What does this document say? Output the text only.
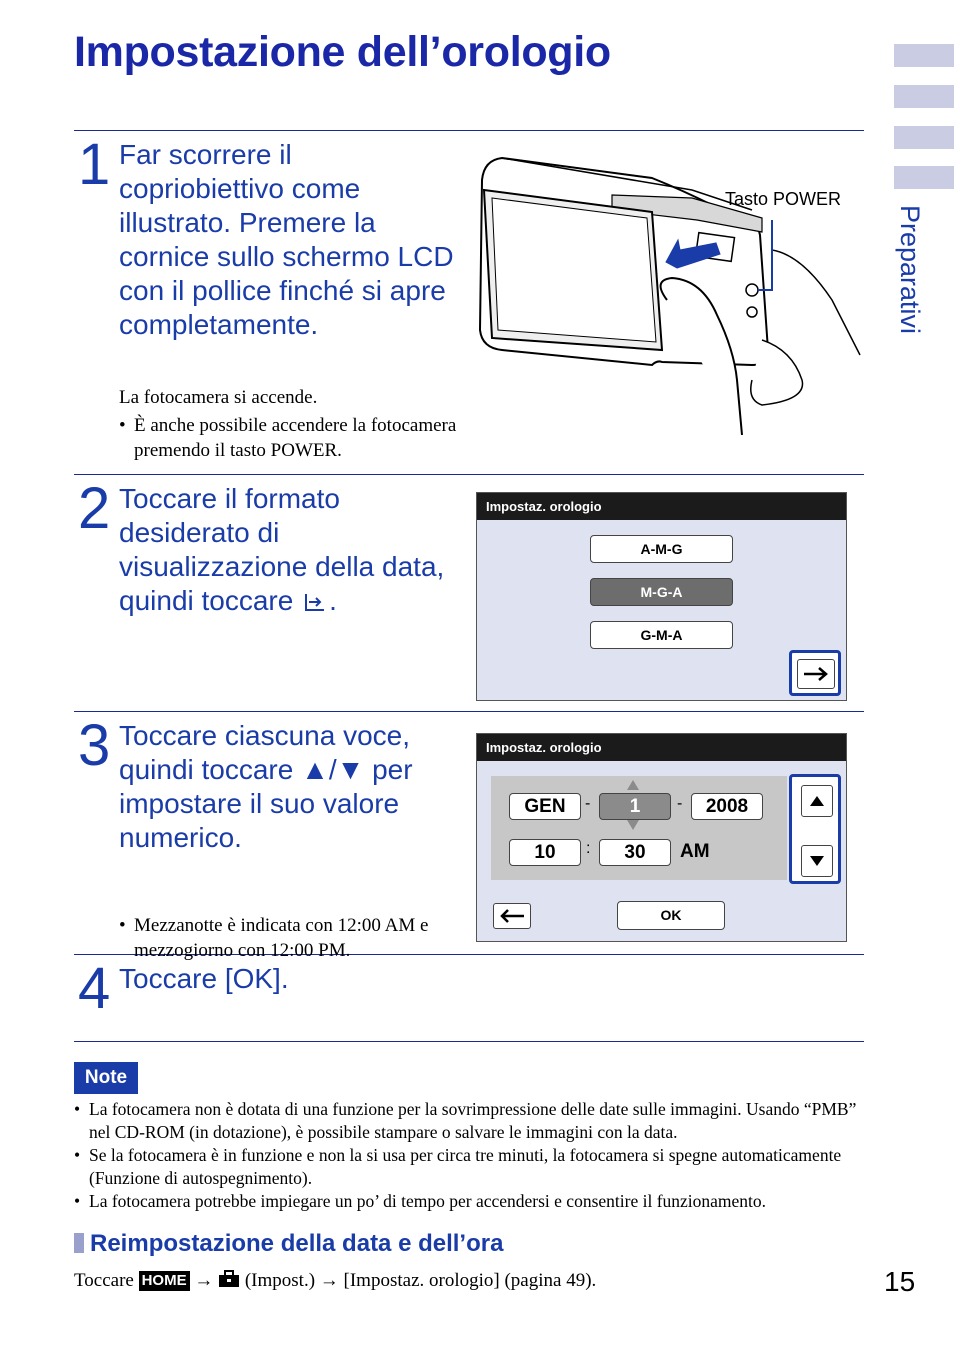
Impostazione dell’orologio
Preparativi
1 Far scorrere il copriobiettivo come illustrato. Premere la cornice sullo schermo LCD con il pollice finché si apre completamente.
La fotocamera si accende.
• È anche possibile accendere la fotocamera premendo il tasto POWER.
Tasto POWER
2 Toccare il formato desiderato di visualizzazione della data, quindi toccare .
Impostaz. orologio
A-M-G
M-G-A
G-M-A
3 Toccare ciascuna voce, quindi toccare ▲/▼ per impostare il suo valore numerico.
• Mezzanotte è indicata con 12:00 AM e mezzogiorno con 12:00 PM.
Impostaz. orologio
GEN	-	1	-	2008
10	:	30	AM
OK
4 Toccare [OK].
Note
• La fotocamera non è dotata di una funzione per la sovrimpressione delle date sulle immagini. Usando “PMB” nel CD-ROM (in dotazione), è possibile stampare o salvare le immagini con la data.
• Se la fotocamera è in funzione e non la si usa per circa tre minuti, la fotocamera si spegne automaticamente (Funzione di autospegnimento).
• La fotocamera potrebbe impiegare un po’ di tempo per accendersi e consentire il funzionamento.
Reimpostazione della data e dell’ora
Toccare HOME → (Impost.) → [Impostaz. orologio] (pagina 49).	15
